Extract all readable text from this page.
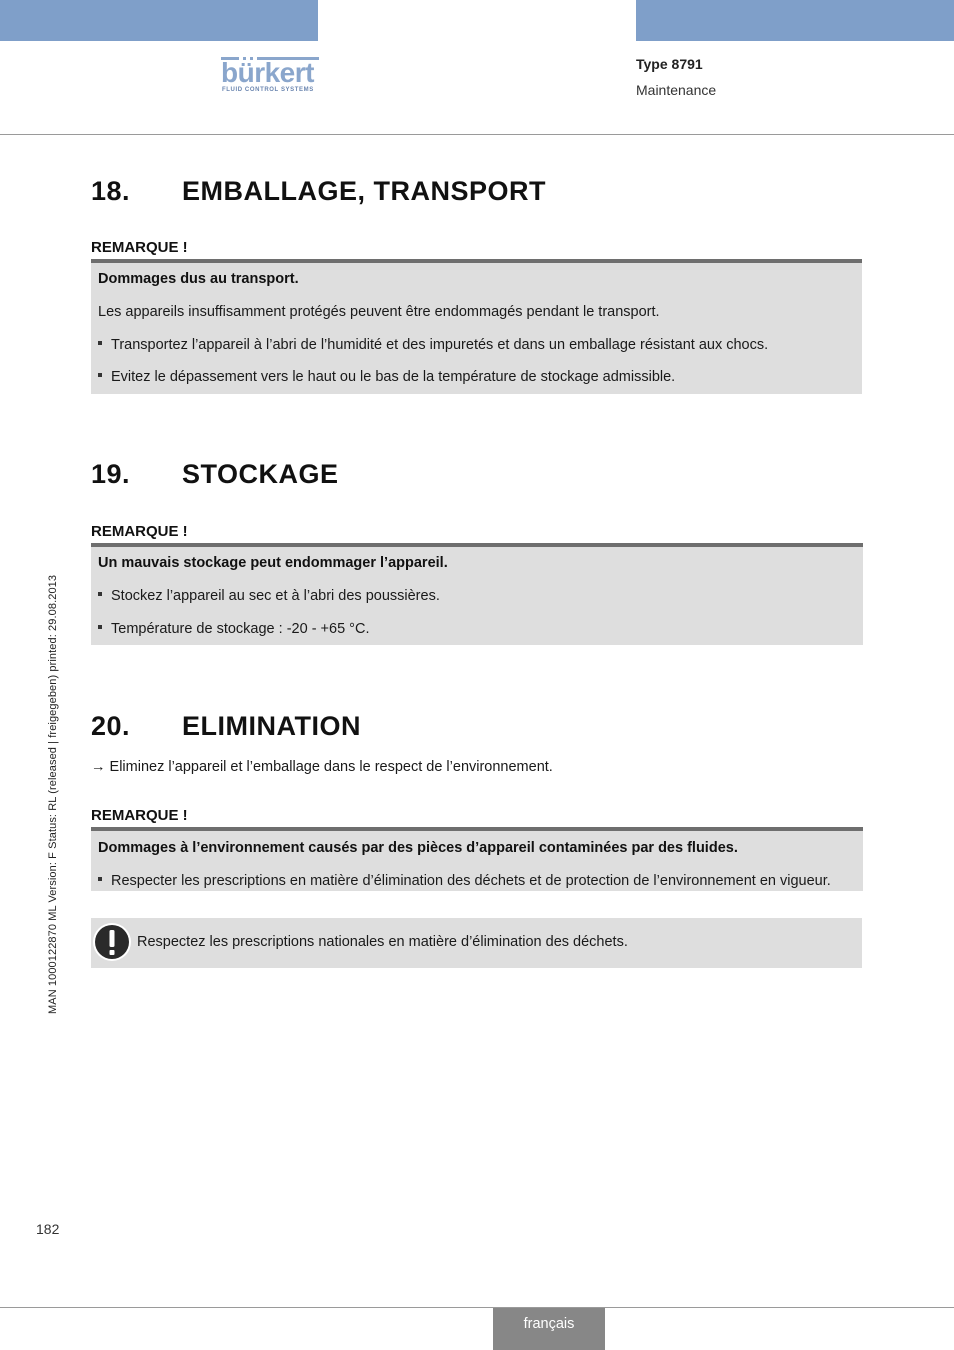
bürkert
FLUID CONTROL SYSTEMS
Type 8791
Maintenance
18. EMBALLAGE, TRANSPORT
REMARQUE !
Dommages dus au transport.
Les appareils insuffisamment protégés peuvent être endommagés pendant le transport.
Transportez l’appareil à l’abri de l’humidité et des impuretés et dans un emballage résistant aux chocs.
Evitez le dépassement vers le haut ou le bas de la température de stockage admissible.
19. STOCKAGE
REMARQUE !
Un mauvais stockage peut endommager l’appareil.
Stockez l’appareil au sec et à l’abri des poussières.
Température de stockage : -20 - +65 °C.
20. ELIMINATION
→ Eliminez l’appareil et l’emballage dans le respect de l’environnement.
REMARQUE !
Dommages à l’environnement causés par des pièces d’appareil contaminées par des fluides.
Respecter les prescriptions en matière d’élimination des déchets et de protection de l’environnement en vigueur.
Respectez les prescriptions nationales en matière d’élimination des déchets.
MAN 1000122870 ML Version: F Status: RL (released | freigegeben) printed: 29.08.2013
182
français
